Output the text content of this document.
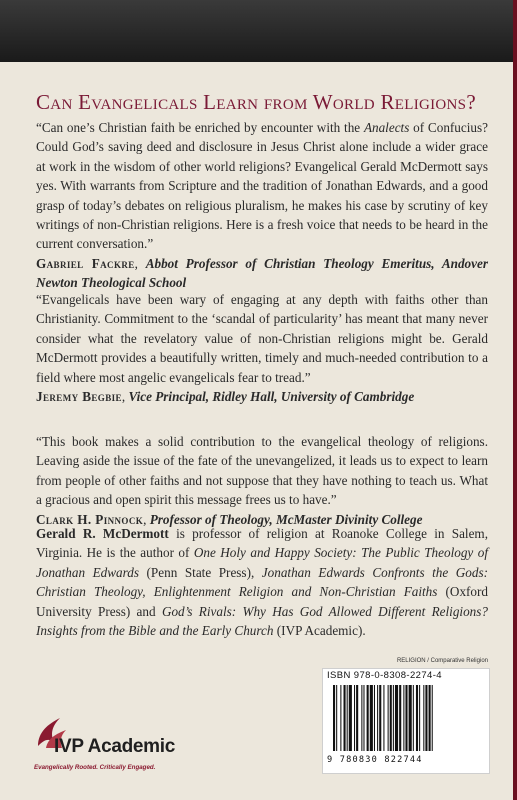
Can Evangelicals Learn from World Religions?
“Can one’s Christian faith be enriched by encounter with the Analects of Confucius? Could God’s saving deed and disclosure in Jesus Christ alone include a wider grace at work in the wisdom of other world religions? Evangelical Gerald McDermott says yes. With warrants from Scripture and the tradition of Jonathan Edwards, and a good grasp of today’s debates on religious pluralism, he makes his case by scrutiny of key writings of non-Christian religions. Here is a fresh voice that needs to be heard in the current conversation.”
Gabriel Fackre, Abbot Professor of Christian Theology Emeritus, Andover Newton Theological School
“Evangelicals have been wary of engaging at any depth with faiths other than Christianity. Commitment to the ‘scandal of particularity’ has meant that many never consider what the revelatory value of non-Christian religions might be. Gerald McDermott provides a beautifully written, timely and much-needed contribution to a field where most angelic evangelicals fear to tread.”
Jeremy Begbie, Vice Principal, Ridley Hall, University of Cambridge
“This book makes a solid contribution to the evangelical theology of religions. Leaving aside the issue of the fate of the unevangelized, it leads us to expect to learn from people of other faiths and not suppose that they have nothing to teach us. What a gracious and open spirit this message frees us to have.”
Clark H. Pinnock, Professor of Theology, McMaster Divinity College
Gerald R. McDermott is professor of religion at Roanoke College in Salem, Virginia. He is the author of One Holy and Happy Society: The Public Theology of Jonathan Edwards (Penn State Press), Jonathan Edwards Confronts the Gods: Christian Theology, Enlightenment Religion and Non-Christian Faiths (Oxford University Press) and God’s Rivals: Why Has God Allowed Different Religions? Insights from the Bible and the Early Church (IVP Academic).
RELIGION / Comparative Religion
ISBN 978-0-8308-2274-4
9 780830 822744
IVP Academic
Evangelically Rooted. Critically Engaged.
